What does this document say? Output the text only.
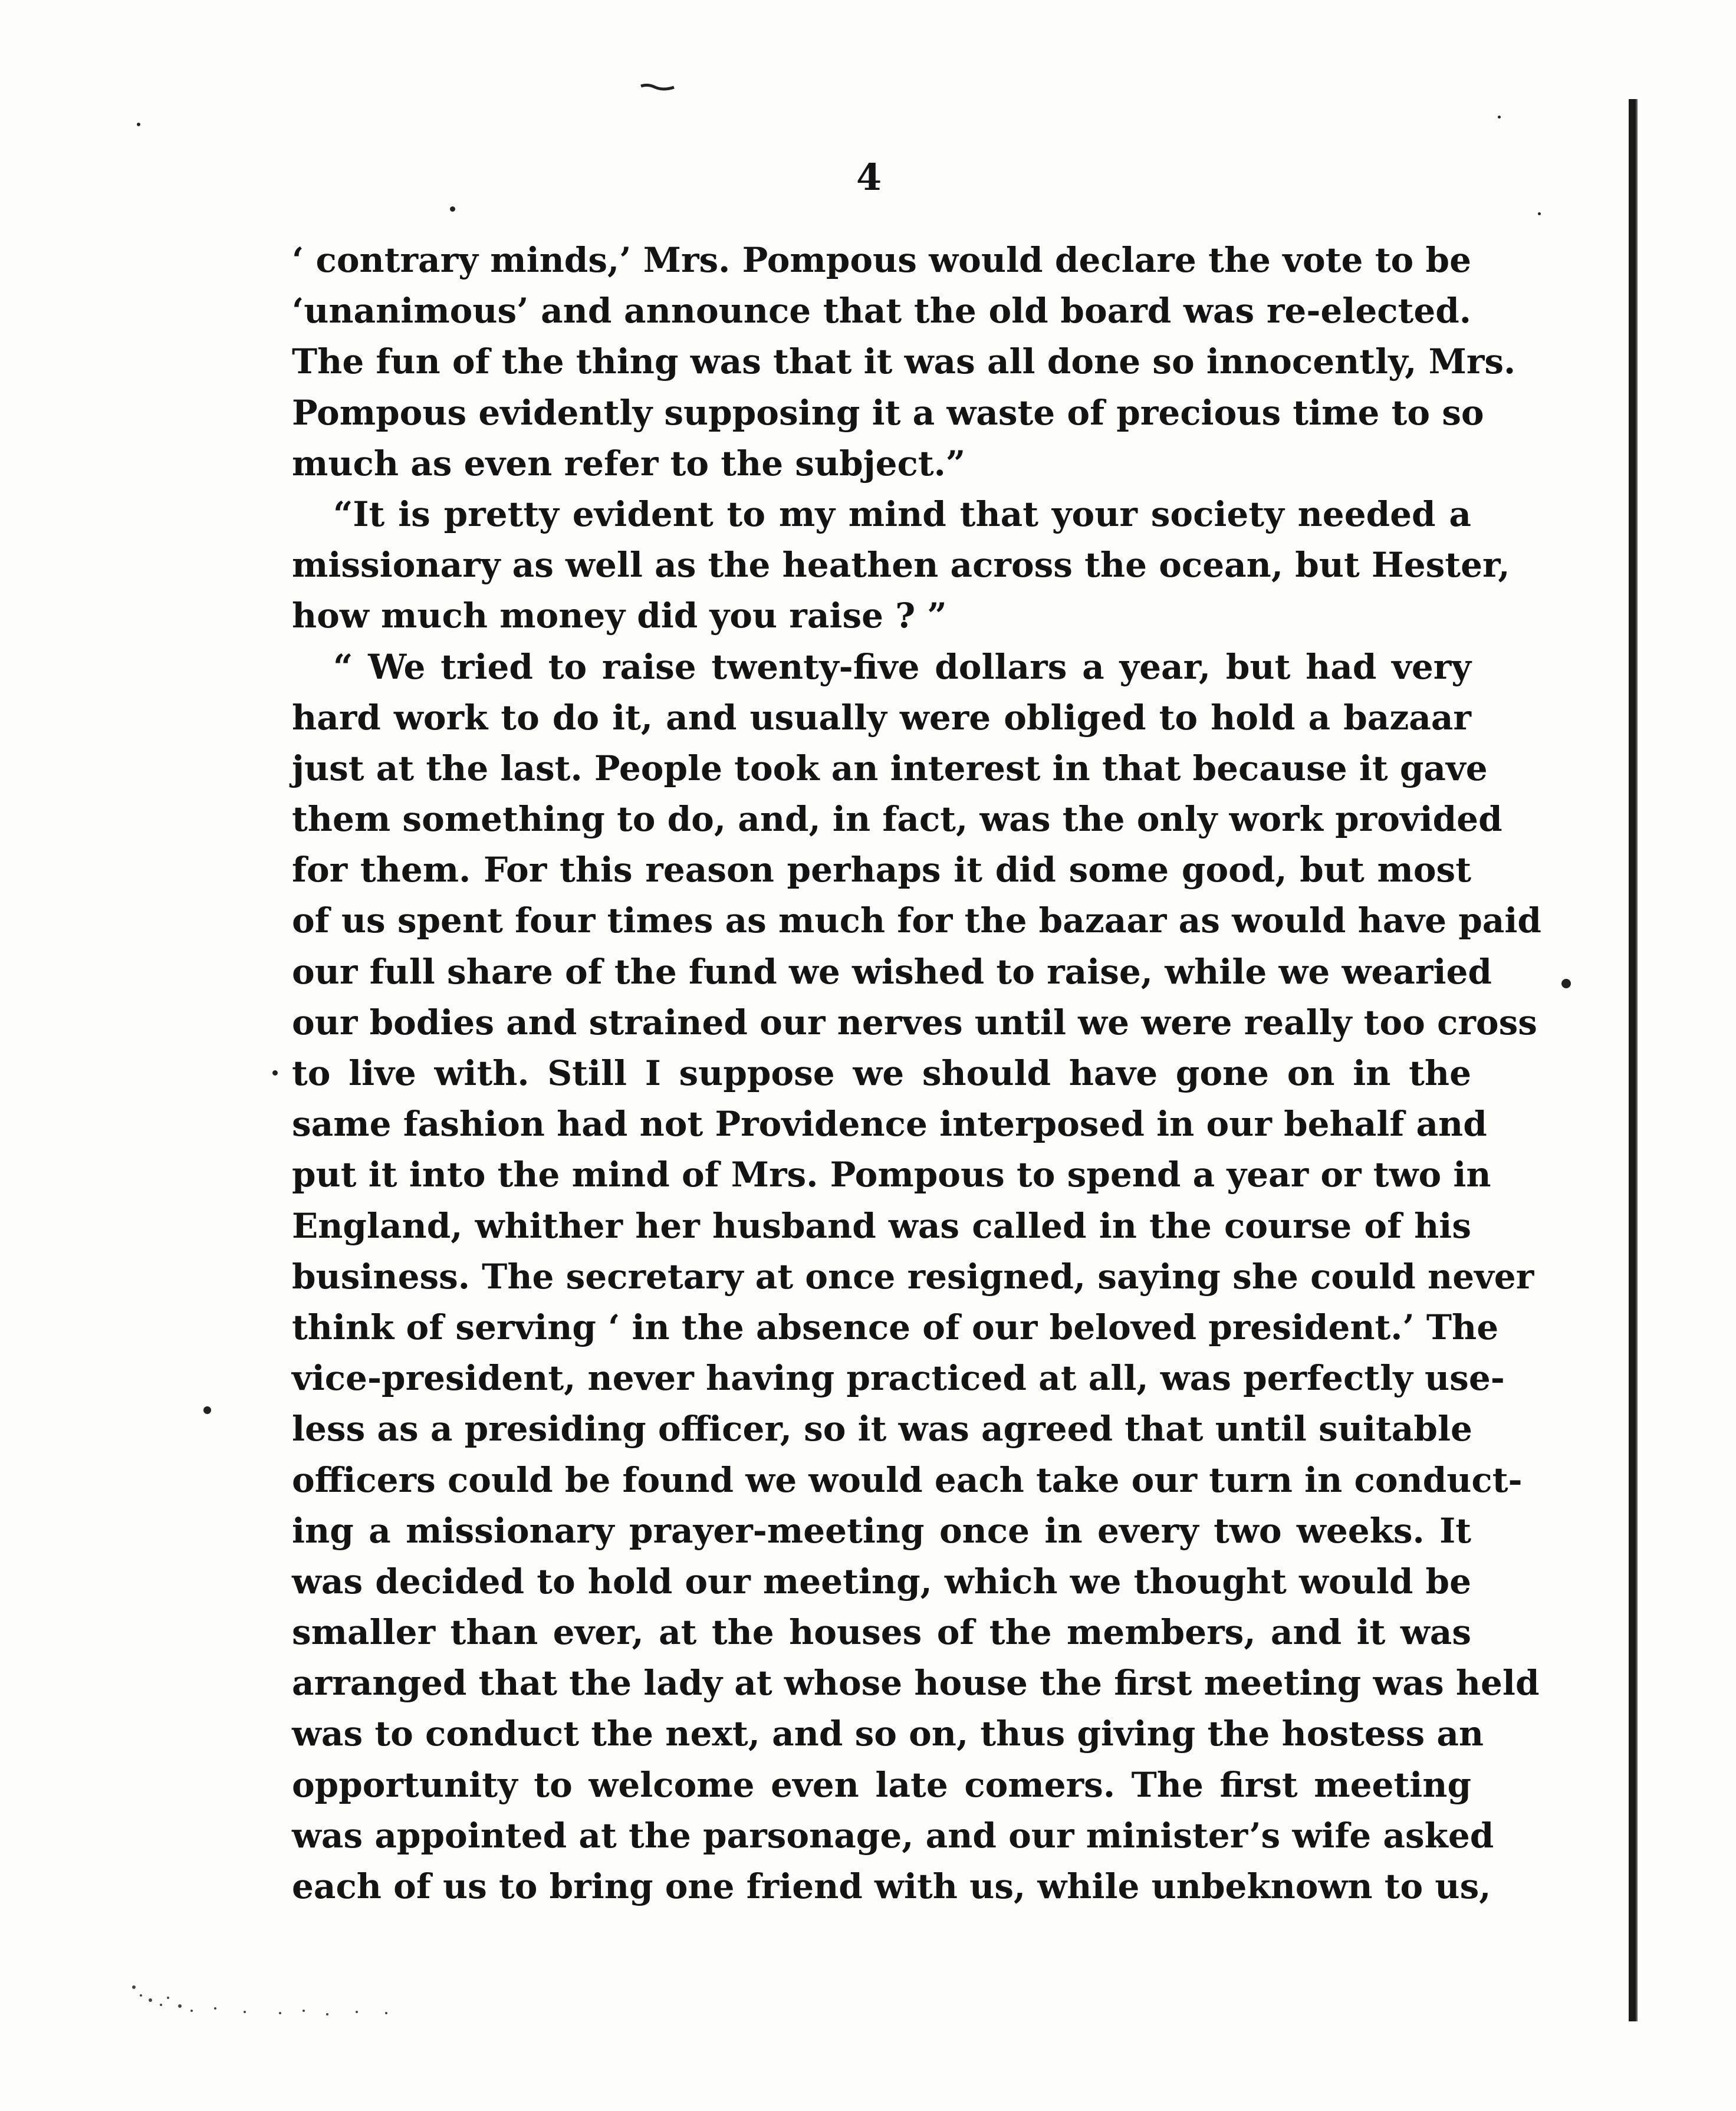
4
‘ contrary minds,’ Mrs. Pompous would declare the vote to be
‘unanimous’ and announce that the old board was re-elected.
The fun of the thing was that it was all done so innocently, Mrs.
Pompous evidently supposing it a waste of precious time to so
much as even refer to the subject.”
“It is pretty evident to my mind that your society needed a
missionary as well as the heathen across the ocean, but Hester,
how much money did you raise ? ”
“ We tried to raise twenty-five dollars a year, but had very
hard work to do it, and usually were obliged to hold a bazaar
just at the last. People took an interest in that because it gave
them something to do, and, in fact, was the only work provided
for them. For this reason perhaps it did some good, but most
of us spent four times as much for the bazaar as would have paid
our full share of the fund we wished to raise, while we wearied
our bodies and strained our nerves until we were really too cross
to live with. Still I suppose we should have gone on in the
same fashion had not Providence interposed in our behalf and
put it into the mind of Mrs. Pompous to spend a year or two in
England, whither her husband was called in the course of his
business. The secretary at once resigned, saying she could never
think of serving ‘ in the absence of our beloved president.’ The
vice-president, never having practiced at all, was perfectly use-
less as a presiding officer, so it was agreed that until suitable
officers could be found we would each take our turn in conduct-
ing a missionary prayer-meeting once in every two weeks. It
was decided to hold our meeting, which we thought would be
smaller than ever, at the houses of the members, and it was
arranged that the lady at whose house the first meeting was held
was to conduct the next, and so on, thus giving the hostess an
opportunity to welcome even late comers. The first meeting
was appointed at the parsonage, and our minister’s wife asked
each of us to bring one friend with us, while unbeknown to us,
